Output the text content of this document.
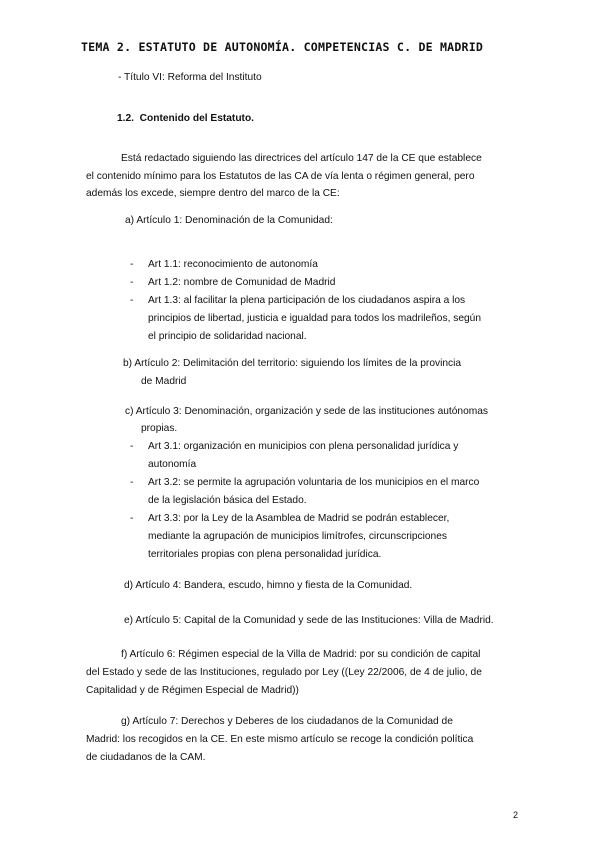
TEMA 2. ESTATUTO DE AUTONOMÍA. COMPETENCIAS C. DE MADRID
- Título VI: Reforma del Instituto
1.2. Contenido del Estatuto.
Está redactado siguiendo las directrices del artículo 147 de la CE que establece
el contenido mínimo para los Estatutos de las CA de vía lenta o régimen general, pero
además los excede, siempre dentro del marco de la CE:
a) Artículo 1: Denominación de la Comunidad:
- Art 1.1: reconocimiento de autonomía
- Art 1.2: nombre de Comunidad de Madrid
- Art 1.3: al facilitar la plena participación de los ciudadanos aspira a los
principios de libertad, justicia e igualdad para todos los madrileños, según
el principio de solidaridad nacional.
b) Artículo 2: Delimitación del territorio: siguiendo los límites de la provincia
de Madrid
c) Artículo 3: Denominación, organización y sede de las instituciones autónomas
propias.
- Art 3.1: organización en municipios con plena personalidad jurídica y
autonomía
- Art 3.2: se permite la agrupación voluntaria de los municipios en el marco
de la legislación básica del Estado.
- Art 3.3: por la Ley de la Asamblea de Madrid se podrán establecer,
mediante la agrupación de municipios limítrofes, circunscripciones
territoriales propias con plena personalidad jurídica.
d) Artículo 4: Bandera, escudo, himno y fiesta de la Comunidad.
e) Artículo 5: Capital de la Comunidad y sede de las Instituciones: Villa de Madrid.
f) Artículo 6: Régimen especial de la Villa de Madrid: por su condición de capital
del Estado y sede de las Instituciones, regulado por Ley ((Ley 22/2006, de 4 de julio, de
Capitalidad y de Régimen Especial de Madrid))
g) Artículo 7: Derechos y Deberes de los ciudadanos de la Comunidad de
Madrid: los recogidos en la CE. En este mismo artículo se recoge la condición política
de ciudadanos de la CAM.
2
